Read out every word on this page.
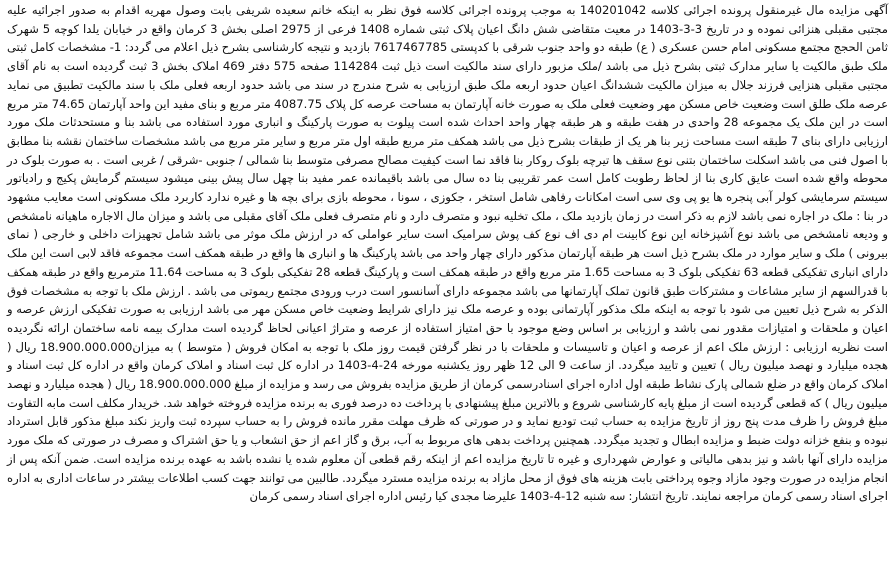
آگهی مزایده مال غیرمنقول پرونده اجرائی کلاسه 140201042 به موجب پرونده اجرائی کلاسه فوق نظر به اینکه خانم سعیده شریفی بابت وصول مهریه اقدام به صدور اجرائیه علیه مجتبی مقبلی هنزائی نموده و در تاریخ 3-3-1403 در معیت متقاضی شش دانگ اعیان پلاک ثبتی شماره 1408 فرعی از 2975 اصلی بخش 3 کرمان واقع در خیابان یلدا کوچه 5 شهرک ثامن الحجج مجتمع مسکونی امام حسن عسکری ( ع) طبقه دو واحد جنوب شرقی با کدپستی 7617467785 بازدید و نتیجه کارشناسی بشرح ذیل اعلام می گردد: 1- مشخصات کامل ثبتی ملک طبق مالکیت یا سایر مدارک ثبتی بشرح ذیل می باشد /ملک مزبور دارای سند مالکیت است ذیل ثبت 114284 صفحه 575 دفتر 469 املاک بخش 3 ثبت گردیده است به نام آقای مجتبی مقبلی هنزایی فرزند جلال به میزان مالکیت ششدانگ اعیان حدود اربعه ملک طبق ارزیابی به شرح مندرج در سند می باشد حدود اربعه فعلی ملک با سند مالکیت تطبیق می نماید عرصه ملک طلق است وضعیت خاص مسکن مهر وضعیت فعلی ملک به صورت خانه آپارتمان به مساحت عرصه کل پلاک 4087.75 متر مربع و بنای مفید این واحد آپارتمان 74.65 متر مربع است در این ملک یک مجموعه 28 واحدی در هفت طبقه و هر طبقه چهار واحد احداث شده است پیلوت به صورت پارکینگ و انباری مورد استفاده می باشد بنا و مستحدثات ملک مورد ارزیابی دارای بنای 7 طبقه است مساحت زیر بنا هر یک از طبقات بشرح ذیل می باشد همکف متر مربع طبقه اول متر مربع و سایر متر مربع می باشد مشخصات ساختمان نقشه بنا مطابق با اصول فنی می باشد اسکلت ساختمان بتنی نوع سقف ها تیرچه بلوک روکار بنا فاقد نما است کیفیت مصالح مصرفی متوسط بنا شمالی / جنوبی -شرقی / غربی است . به صورت بلوک در محوطه واقع شده است عایق کاری بنا از لحاظ رطوبت کامل است عمر تقریبی بنا ده سال می باشد باقیمانده عمر مفید بنا چهل سال پیش بینی میشود سیستم گرمایش پکیج و رادیاتور سیستم سرمایشی کولر آبی پنجره ها یو پی وی سی است امکانات رفاهی شامل استخر ، جکوزی ، سونا ، محوطه بازی برای بچه ها و غیره ندارد کاربرد ملک مسکونی است معایب مشهود در بنا : ملک در اجاره نمی باشد لازم به ذکر است در زمان بازدید ملک ، ملک تخلیه نبود و متصرف دارد و نام متصرف فعلی ملک آقای مقبلی می باشد و میزان مال الاجاره ماهیانه نامشخص و ودیعه نامشخص می باشد نوع آشپزخانه این نوع کابینت ام دی اف نوع کف پوش سرامیک است سایر عواملی که در ارزش ملک موثر می باشد شامل تجهیزات داخلی و خارجی ( نمای بیرونی ) ملک و سایر موارد در ملک بشرح ذیل است هر طبقه آپارتمان مذکور دارای چهار واحد می باشد پارکینگ ها و انباری ها واقع در طبقه همکف است مجموعه فاقد لابی است این ملک دارای انباری تفکیکی قطعه 63 تفکیکی بلوک 3 به مساحت 1.65 متر مربع واقع در طبقه همکف است و پارکینگ قطعه 28 تفکیکی بلوک 3 به مساحت 11.64 مترمربع واقع در طبقه همکف با قدرالسهم از سایر مشاعات و مشترکات طبق قانون تملک آپارتمانها می باشد مجموعه دارای آسانسور است درب ورودی مجتمع ریموتی می باشد . ارزش ملک با توجه به مشخصات فوق الذکر به شرح ذیل تعیین می شود با توجه به اینکه ملک مذکور آپارتمانی بوده و عرصه ملک نیز دارای شرایط وضعیت خاص مسکن مهر می باشد ارزیابی به صورت تفکیکی ارزش عرصه و اعیان و ملحقات و امتیازات مقدور نمی باشد و ارزیابی بر اساس وضع موجود با حق امتیاز استفاده از عرصه و متراژ اعیانی لحاظ گردیده است مدارک بیمه نامه ساختمان ارائه نگردیده است نظریه ارزیابی : ارزش ملک اعم از عرصه و اعیان و تاسیسات و ملحقات با در نظر گرفتن قیمت روز ملک با توجه به امکان فروش ( متوسط ) به میزان18.900.000.000 ریال ( هجده میلیارد و نهصد میلیون ریال ) تعیین و تایید میگردد. از ساعت 9 الی 12 ظهر روز یکشنبه مورخه 24-4-1403 در اداره کل ثبت اسناد و املاک کرمان واقع در اداره کل ثبت اسناد و املاک کرمان واقع در ضلع شمالی پارک نشاط طبقه اول اداره اجرای اسنادرسمی کرمان از طریق مزایده بفروش می رسد و مزایده از مبلغ 18.900.000.000 ریال ( هجده میلیارد و نهصد میلیون ریال ) که قطعی گردیده است از مبلغ پایه کارشناسی شروع و بالاترین مبلغ پیشنهادی با پرداخت ده درصد فوری به برنده مزایده فروخته خواهد شد. خریدار مکلف است مابه التفاوت مبلغ فروش را ظرف مدت پنج روز از تاریخ مزایده به حساب ثبت تودیع نماید و در صورتی که ظرف مهلت مقرر مانده فروش را به حساب سپرده ثبت واریز نکند مبلغ مذکور قابل استرداد نبوده و بنفع خزانه دولت ضبط و مزایده ابطال و تجدید میگردد. همچنین پرداخت بدهی های مربوط به آب، برق و گاز اعم از حق انشعاب و یا حق اشتراک و مصرف در صورتی که ملک مورد مزایده دارای آنها باشد و نیز بدهی مالیاتی و عوارض شهرداری و غیره تا تاریخ مزایده اعم از اینکه رقم قطعی آن معلوم شده یا نشده باشد به عهده برنده مزایده است. ضمن آنکه پس از انجام مزایده در صورت وجود مازاد وجوه پرداختی بابت هزینه های فوق از محل مازاد به برنده مزایده مسترد میگردد. طالبین می توانند جهت کسب اطلاعات بیشتر در ساعات اداری به اداره اجرای اسناد رسمی کرمان مراجعه نمایند. تاریخ انتشار: سه شنبه 12-4-1403 علیرضا مجدی کیا رئیس اداره اجرای اسناد رسمی کرمان
